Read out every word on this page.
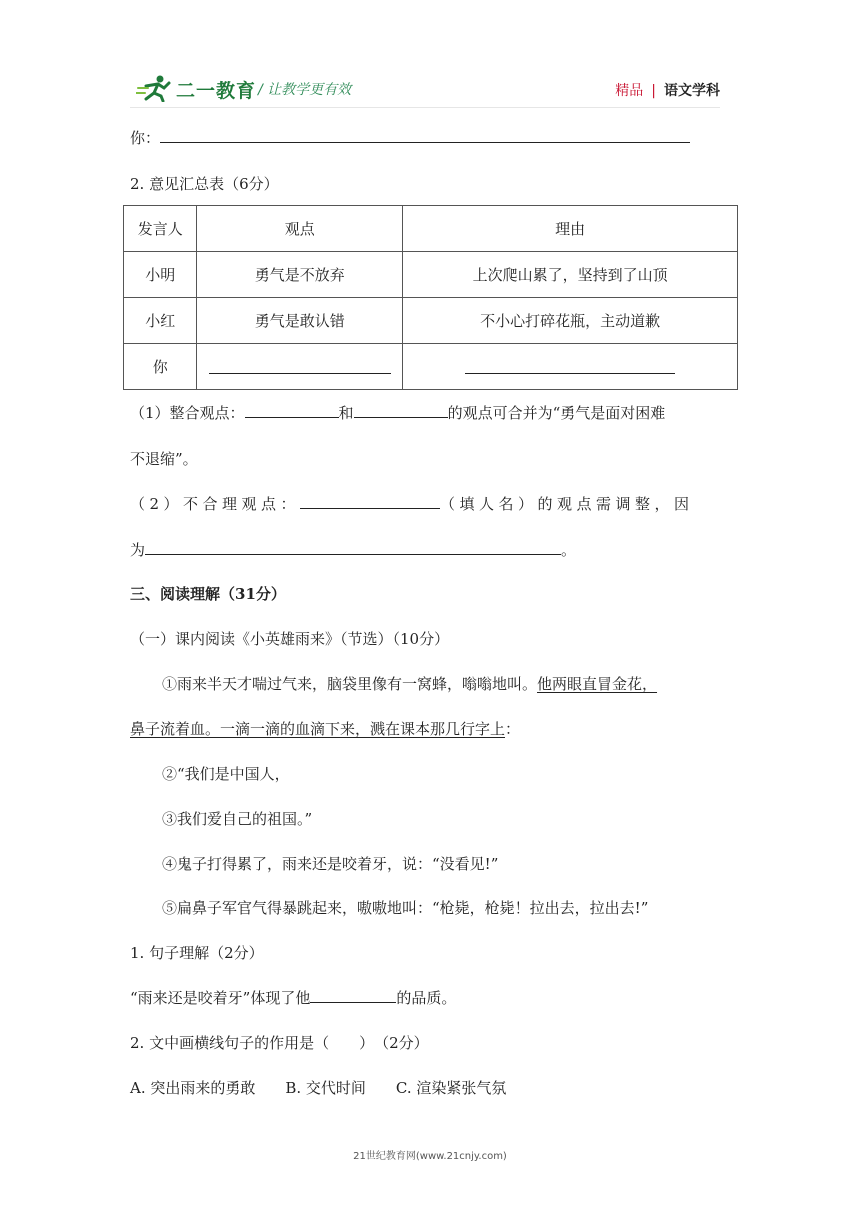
二一教育 / 让教学更有效	精品 | 语文学科
你：
2. 意见汇总表（6分）
发言人	观点	理由
小明	勇气是不放弃	上次爬山累了，坚持到了山顶
小红	勇气是敢认错	不小心打碎花瓶，主动道歉
你		
（1）整合观点：	和	的观点可合并为“勇气是面对困难
不退缩”。
（2）不合理观点：	（填人名）的观点需调整，因
为	。
三、阅读理解（31分）
（一）课内阅读《小英雄雨来》（节选）（10分）
①雨来半天才喘过气来，脑袋里像有一窝蜂，嗡嗡地叫。他两眼直冒金花，
鼻子流着血。一滴一滴的血滴下来，溅在课本那几行字上：
②“我们是中国人，
③我们爱自己的祖国。”
④鬼子打得累了，雨来还是咬着牙，说：“没看见!”
⑤扁鼻子军官气得暴跳起来，嗷嗷地叫：“枪毙，枪毙！拉出去，拉出去!”
1. 句子理解（2分）
“雨来还是咬着牙”体现了他	的品质。
2. 文中画横线句子的作用是（　　）　（2分）
A. 突出雨来的勇敢　　B. 交代时间　　C. 渲染紧张气氛
21世纪教育网(www.21cnjy.com)
